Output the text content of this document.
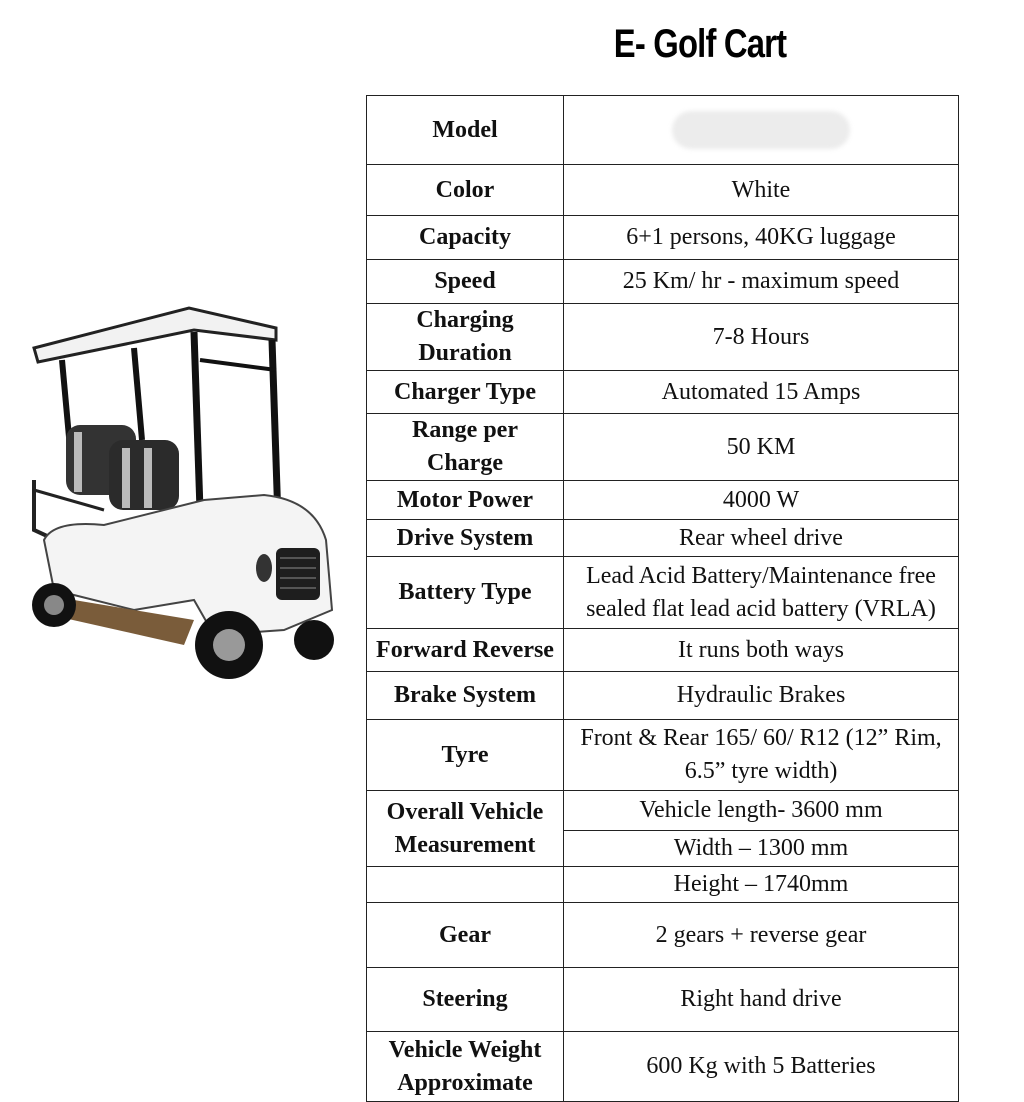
E- Golf Cart
Model	
Color	White
Capacity	6+1 persons, 40KG luggage
Speed	25 Km/ hr - maximum speed
Charging Duration	7-8 Hours
Charger Type	Automated 15 Amps
Range per Charge	50 KM
Motor Power	4000 W
Drive System	Rear wheel drive
Battery Type	Lead Acid Battery/Maintenance free sealed flat lead acid battery (VRLA)
Forward Reverse	It runs both ways
Brake System	Hydraulic Brakes
Tyre	Front & Rear 165/ 60/ R12 (12” Rim, 6.5” tyre width)
Overall Vehicle Measurement	Vehicle length- 3600 mm
	Width – 1300 mm
	Height – 1740mm
Gear	2 gears + reverse gear
Steering	Right hand drive
Vehicle Weight Approximate	600 Kg with 5 Batteries
